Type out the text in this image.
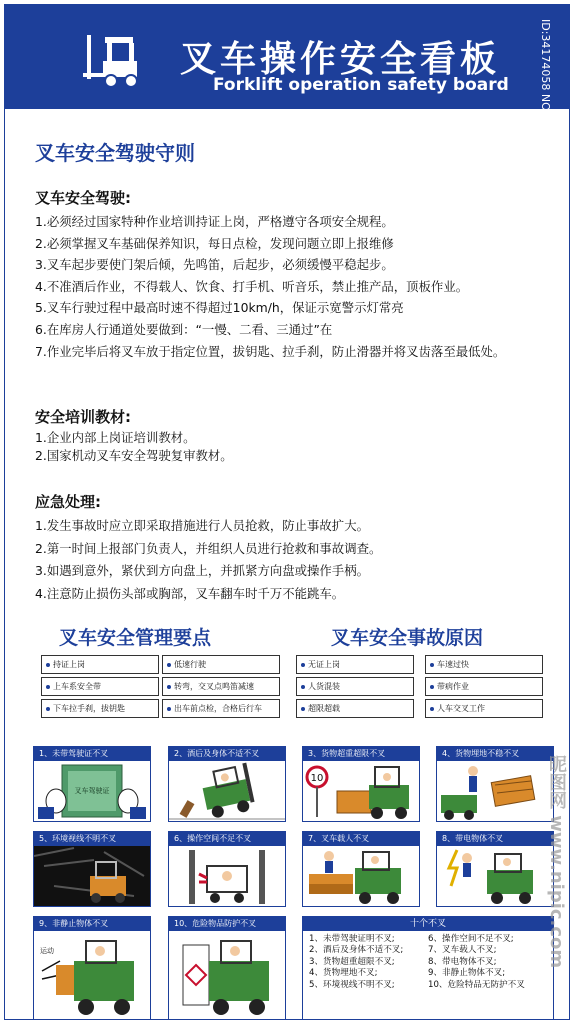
叉车操作安全看板
Forklift operation safety board	ID:34174058 NO.20260509152141343104
叉车安全驾驶守则
叉车安全驾驶:
1.必须经过国家特种作业培训持证上岗，严格遵守各项安全规程。
2.必须掌握叉车基础保养知识，每日点检，发现问题立即上报维修
3.叉车起步要使门架后倾，先鸣笛，后起步，必须缓慢平稳起步。
4.不准酒后作业，不得载人、饮食、打手机、听音乐，禁止推产品，顶板作业。
5.叉车行驶过程中最高时速不得超过10km/h，保证示宽警示灯常亮
6.在库房人行通道处要做到：“一慢、二看、三通过”在
7.作业完毕后将叉车放于指定位置，拔钥匙、拉手刹，防止滑器并将叉齿落至最低处。
安全培训教材:
1.企业内部上岗证培训教材。
2.国家机动叉车安全驾驶复审教材。
应急处理:
1.发生事故时应立即采取措施进行人员抢救，防止事故扩大。
2.第一时间上报部门负责人，并组织人员进行抢救和事故调查。
3.如遇到意外，紧伏到方向盘上，并抓紧方向盘或操作手柄。
4.注意防止损伤头部或胸部，叉车翻车时千万不能跳车。
叉车安全管理要点	叉车安全事故原因
持证上岗	低速行驶
上车系安全带	转弯，交叉点鸣笛减速
下车拉手刹，拔钥匙	出车前点检，合格后行车
无证上岗	车速过快
人货混装	带病作业
超限超载	人车交叉工作
1、未带驾驶证不叉
叉车驾驶证
2、酒后及身体不适不叉	3、货物超重超限不叉
10
4、货物埋地不稳不叉
5、环境视线不明不叉	6、操作空间不足不叉	7、叉车载人不叉	8、带电物体不叉
9、非静止物体不叉
运动
10、危险物品防护不叉	十个不叉
1、未带驾驶证明不叉;
2、酒后及身体不适不叉;
3、货物超重超限不叉;
4、货物埋地不叉;
5、环境视线不明不叉;
6、操作空间不足不叉;
7、叉车载人不叉;
8、带电物体不叉;
9、非静止物体不叉;
10、危险特品无防护不叉
昵图网 www.nipic.com
